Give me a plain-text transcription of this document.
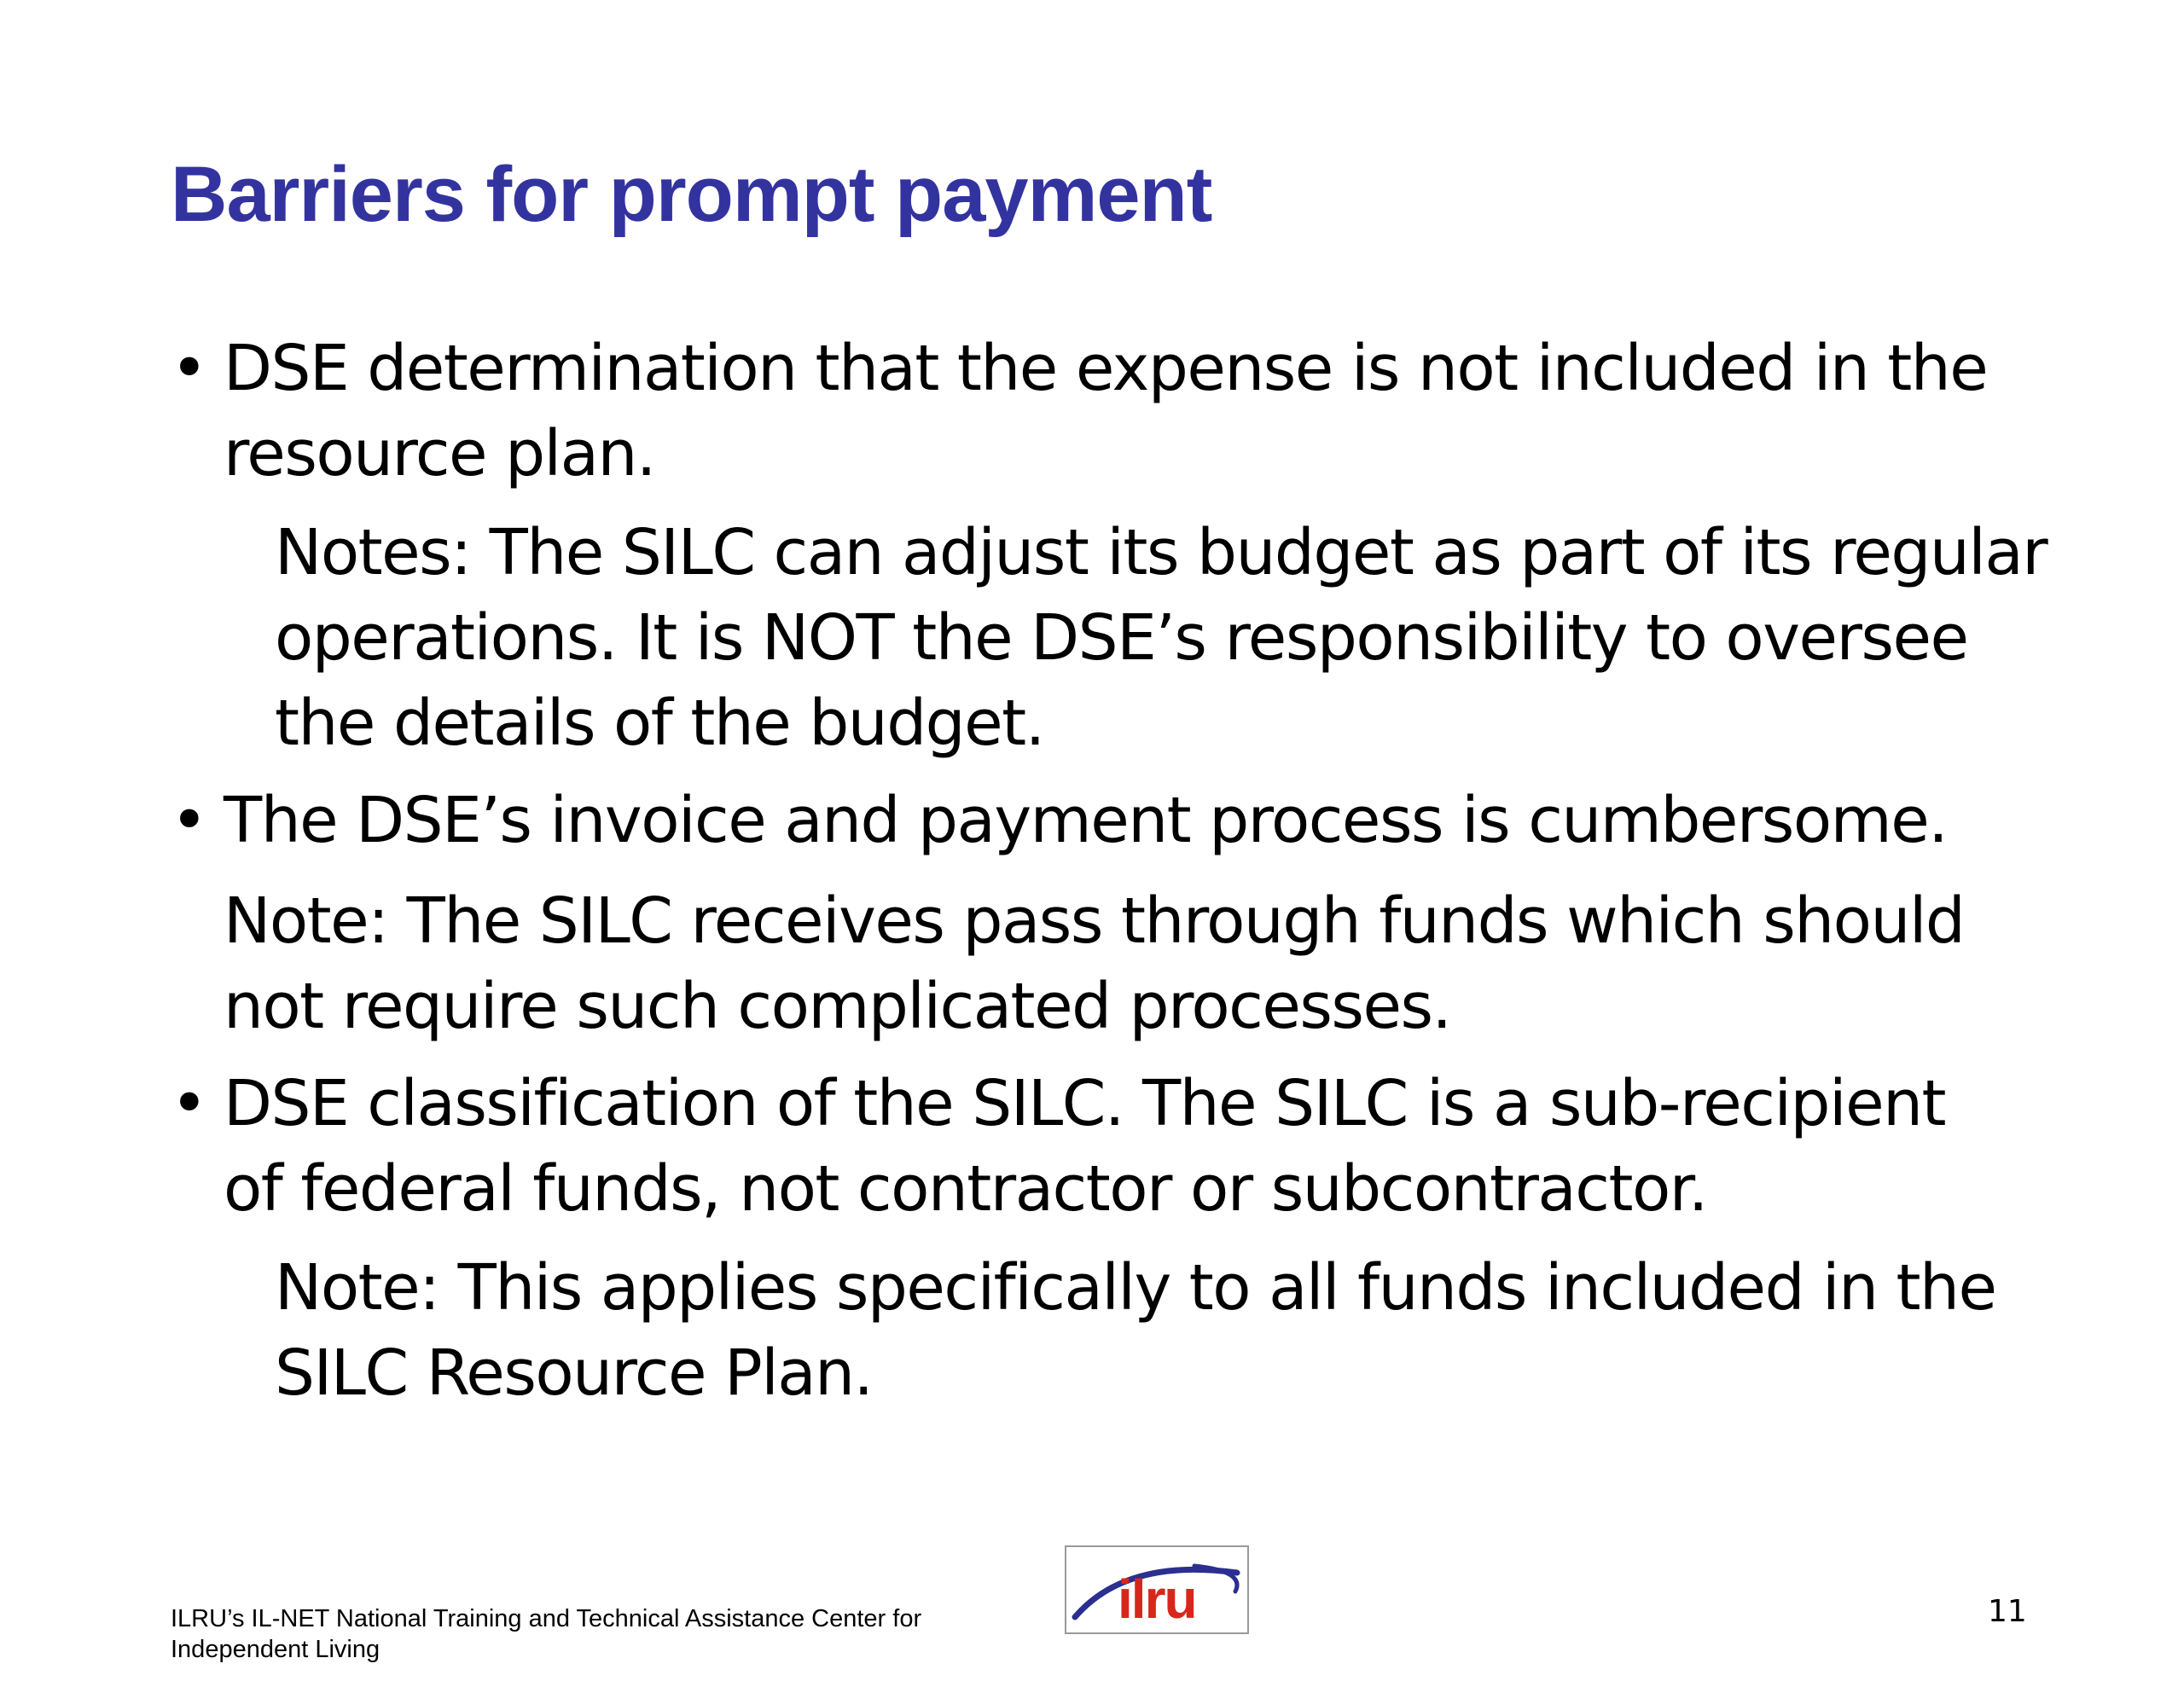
Barriers for prompt payment
• DSE determination that the expense is not included in the
resource plan.
Notes: The SILC can adjust its budget as part of its regular
operations. It is NOT the DSE’s responsibility to oversee
the details of the budget.
• The DSE’s invoice and payment process is cumbersome.
Note: The SILC receives pass through funds which should
not require such complicated processes.
• DSE classification of the SILC. The SILC is a sub-recipient
of federal funds, not contractor or subcontractor.
Note: This applies specifically to all funds included in the
SILC Resource Plan.
ILRU’s IL-NET National Training and Technical Assistance Center for
Independent Living
ilru	11
